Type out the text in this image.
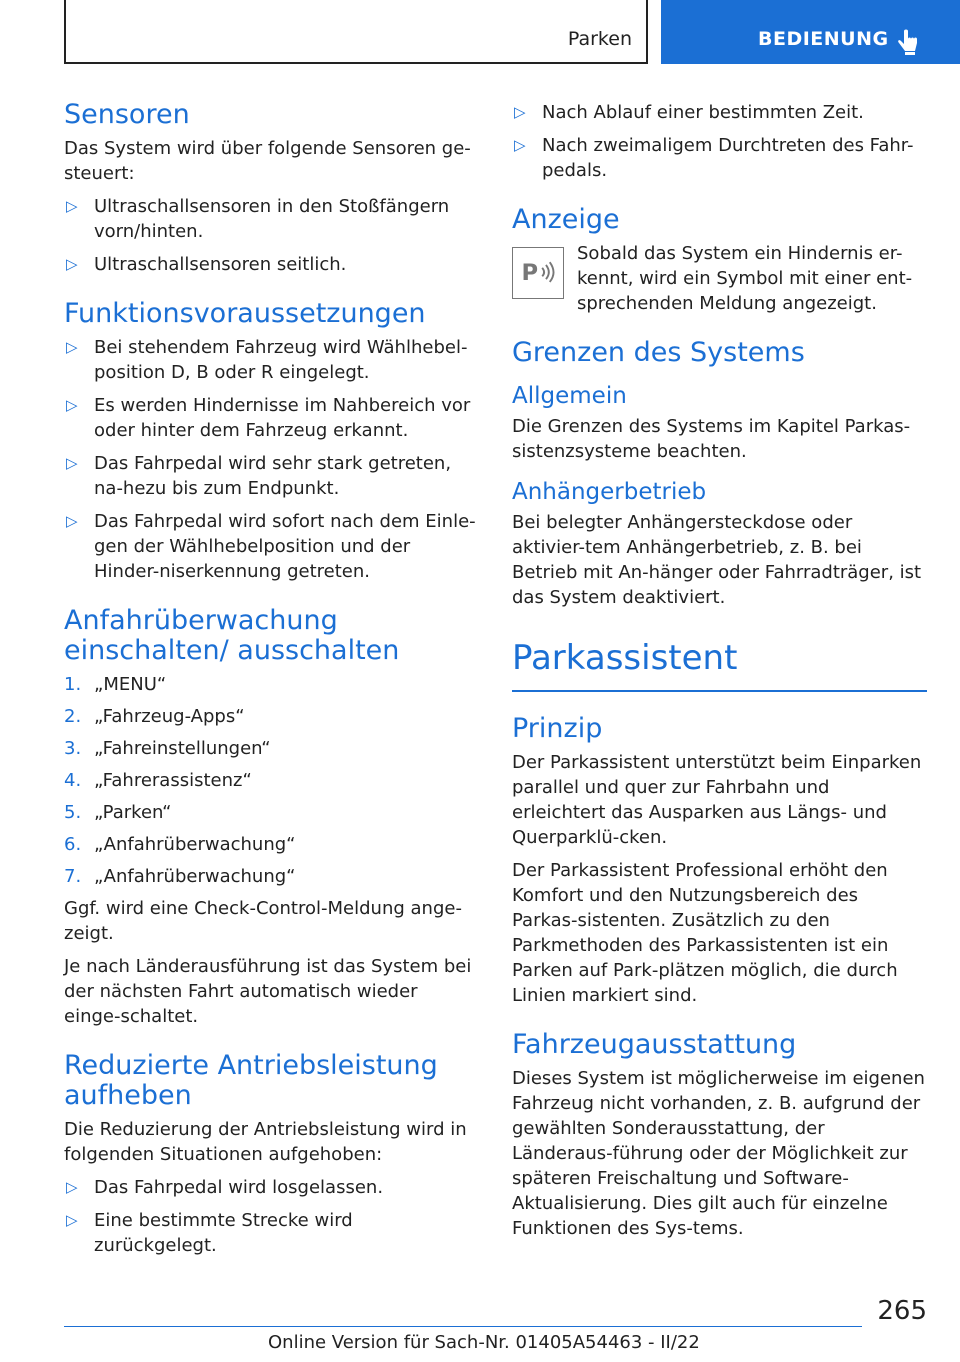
Parken	BEDIENUNG
Sensoren

Das System wird über folgende Sensoren ge-steuert:

▷ Ultraschallsensoren in den Stoßfängern vorn/hinten.
▷ Ultraschallsensoren seitlich.
Funktionsvoraussetzungen
▷ Bei stehendem Fahrzeug wird Wählhebel-position D, B oder R eingelegt.
▷ Es werden Hindernisse im Nahbereich vor oder hinter dem Fahrzeug erkannt.
▷ Das Fahrpedal wird sehr stark getreten, na-hezu bis zum Endpunkt.
▷ Das Fahrpedal wird sofort nach dem Einle-gen der Wählhebelposition und der Hinder-niserkennung getreten.
Anfahrüberwachung einschalten/ ausschalten
1. „MENU“
2. „Fahrzeug-Apps“
3. „Fahreinstellungen“
4. „Fahrerassistenz“
5. „Parken“
6. „Anfahrüberwachung“
7. „Anfahrüberwachung“

Ggf. wird eine Check-Control-Meldung ange-zeigt.

Je nach Länderausführung ist das System bei der nächsten Fahrt automatisch wieder einge-schaltet.

Reduzierte Antriebsleistung aufheben

Die Reduzierung der Antriebsleistung wird in folgenden Situationen aufgehoben:

▷ Das Fahrpedal wird losgelassen.
▷ Eine bestimmte Strecke wird zurückgelegt.
▷ Nach Ablauf einer bestimmten Zeit.
▷ Nach zweimaligem Durchtreten des Fahr-pedals.
Anzeige
P

Sobald das System ein Hindernis er-kennt, wird ein Symbol mit einer ent-sprechenden Meldung angezeigt.

Grenzen des Systems
Allgemein

Die Grenzen des Systems im Kapitel Parkas-sistenzsysteme beachten.

Anhängerbetrieb

Bei belegter Anhängersteckdose oder aktivier-tem Anhängerbetrieb, z. B. bei Betrieb mit An-hänger oder Fahrradträger, ist das System deaktiviert.

Parkassistent
Prinzip

Der Parkassistent unterstützt beim Einparken parallel und quer zur Fahrbahn und erleichtert das Ausparken aus Längs- und Querparklü-cken.

Der Parkassistent Professional erhöht den Komfort und den Nutzungsbereich des Parkas-sistenten. Zusätzlich zu den Parkmethoden des Parkassistenten ist ein Parken auf Park-plätzen möglich, die durch Linien markiert sind.

Fahrzeugausstattung

Dieses System ist möglicherweise im eigenen Fahrzeug nicht vorhanden, z. B. aufgrund der gewählten Sonderausstattung, der Länderaus-führung oder der Möglichkeit zur späteren Freischaltung und Software-Aktualisierung. Dies gilt auch für einzelne Funktionen des Sys-tems.

265
Online Version für Sach-Nr. 01405A54463 - II/22
